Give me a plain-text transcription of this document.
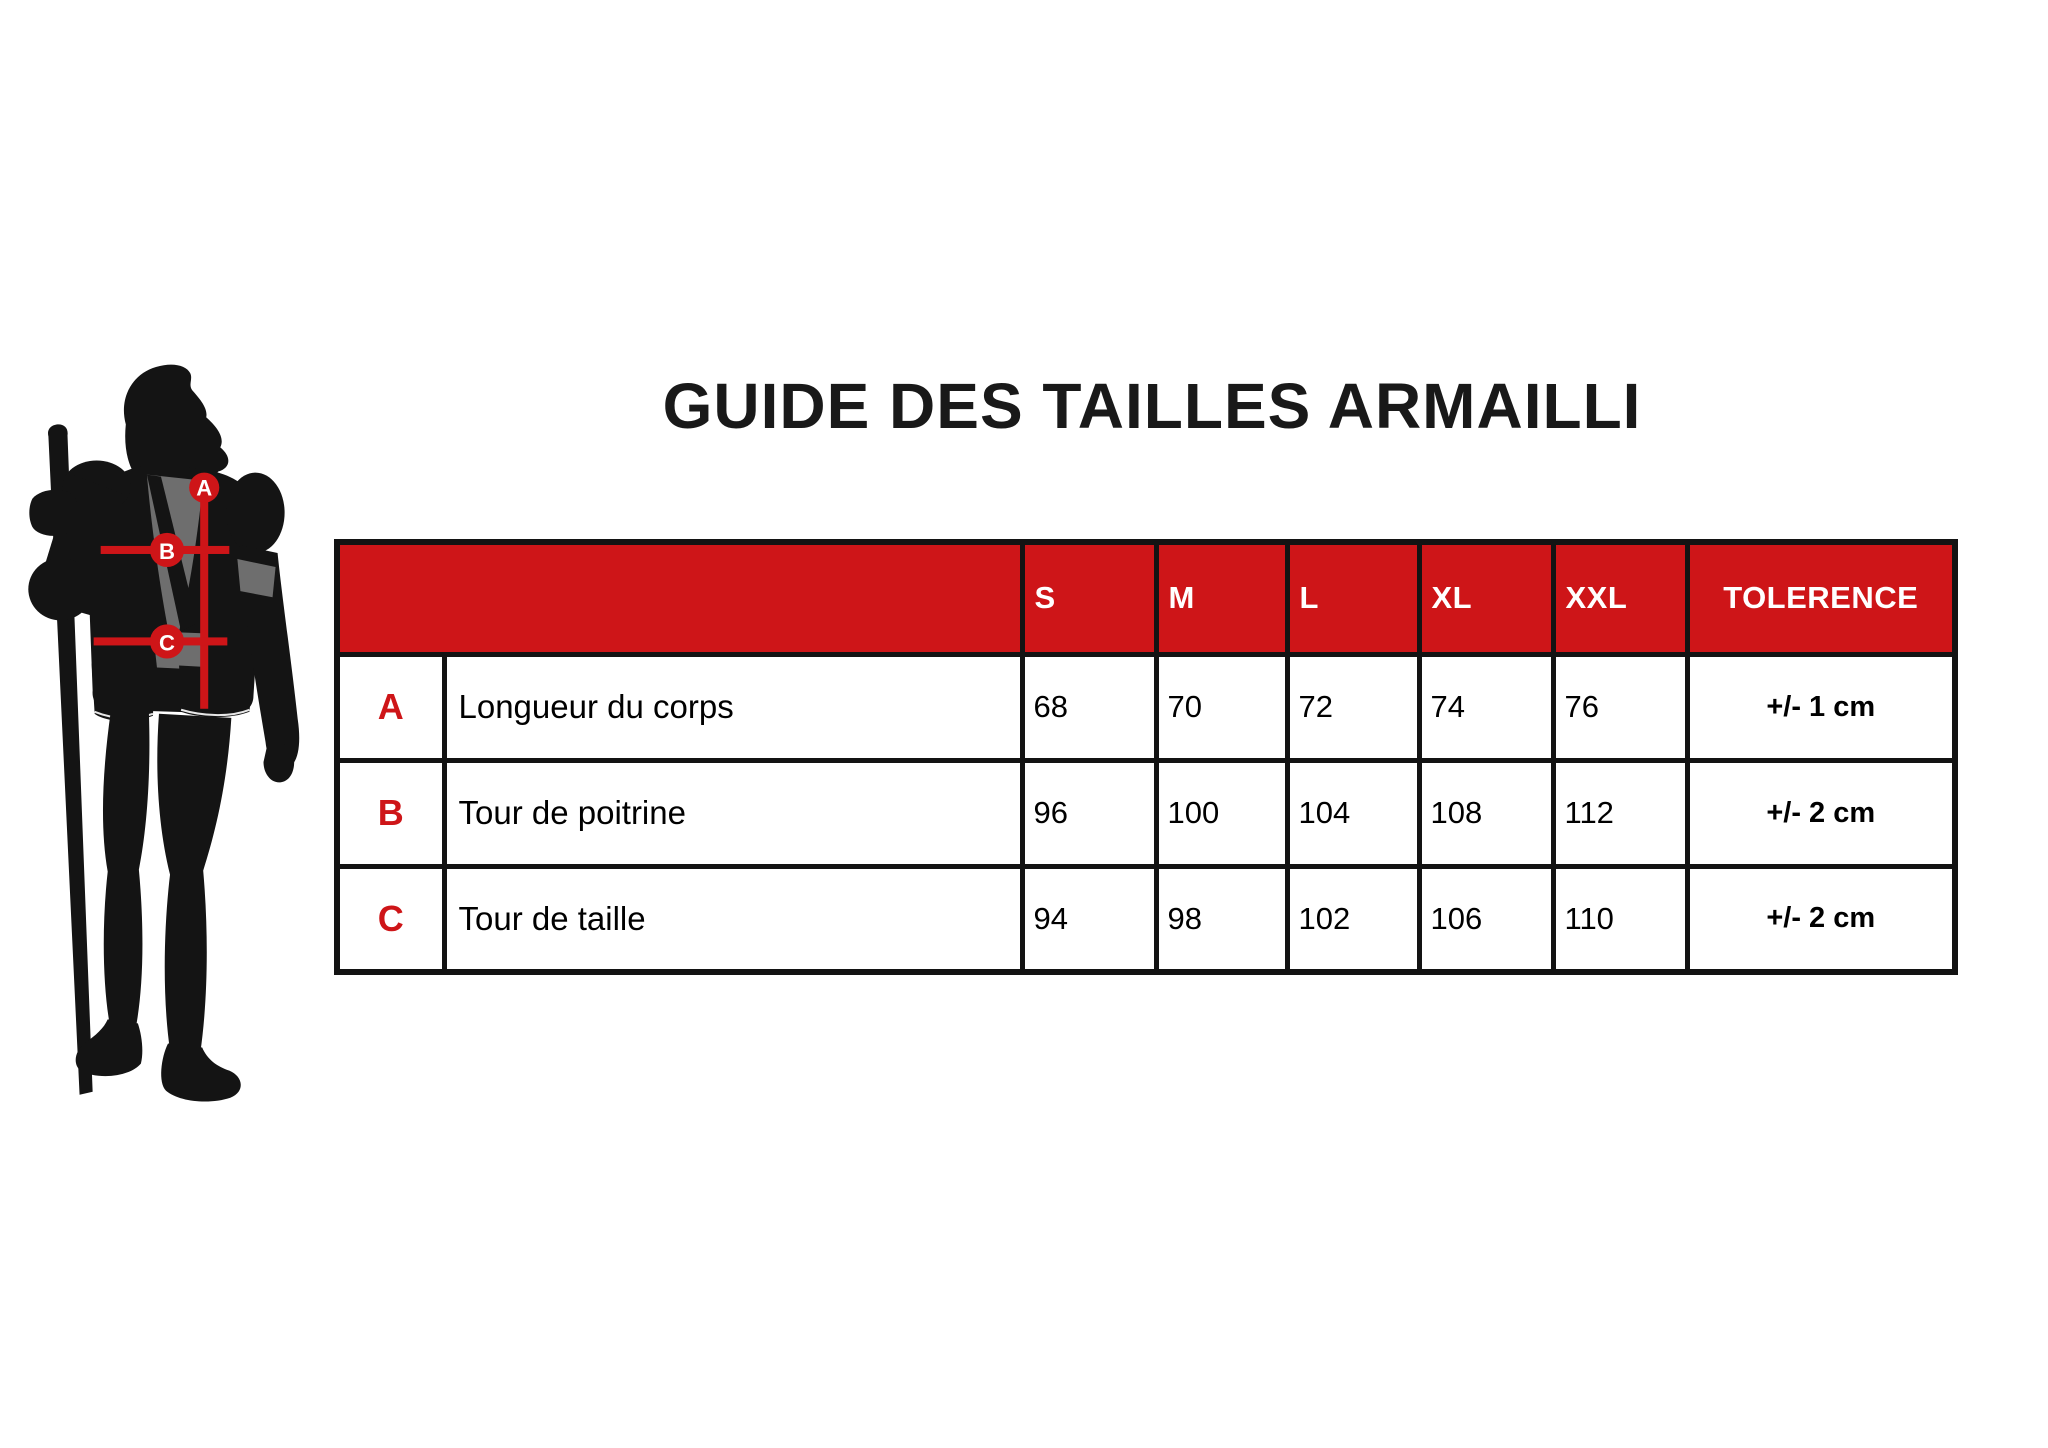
GUIDE DES TAILLES ARMAILLI
A
B
C
		S	M	L	XL	XXL	TOLERENCE
A	Longueur du corps	68	70	72	74	76	+/- 1 cm
B	Tour de poitrine	96	100	104	108	112	+/- 2 cm
C	Tour de taille	94	98	102	106	110	+/- 2 cm
